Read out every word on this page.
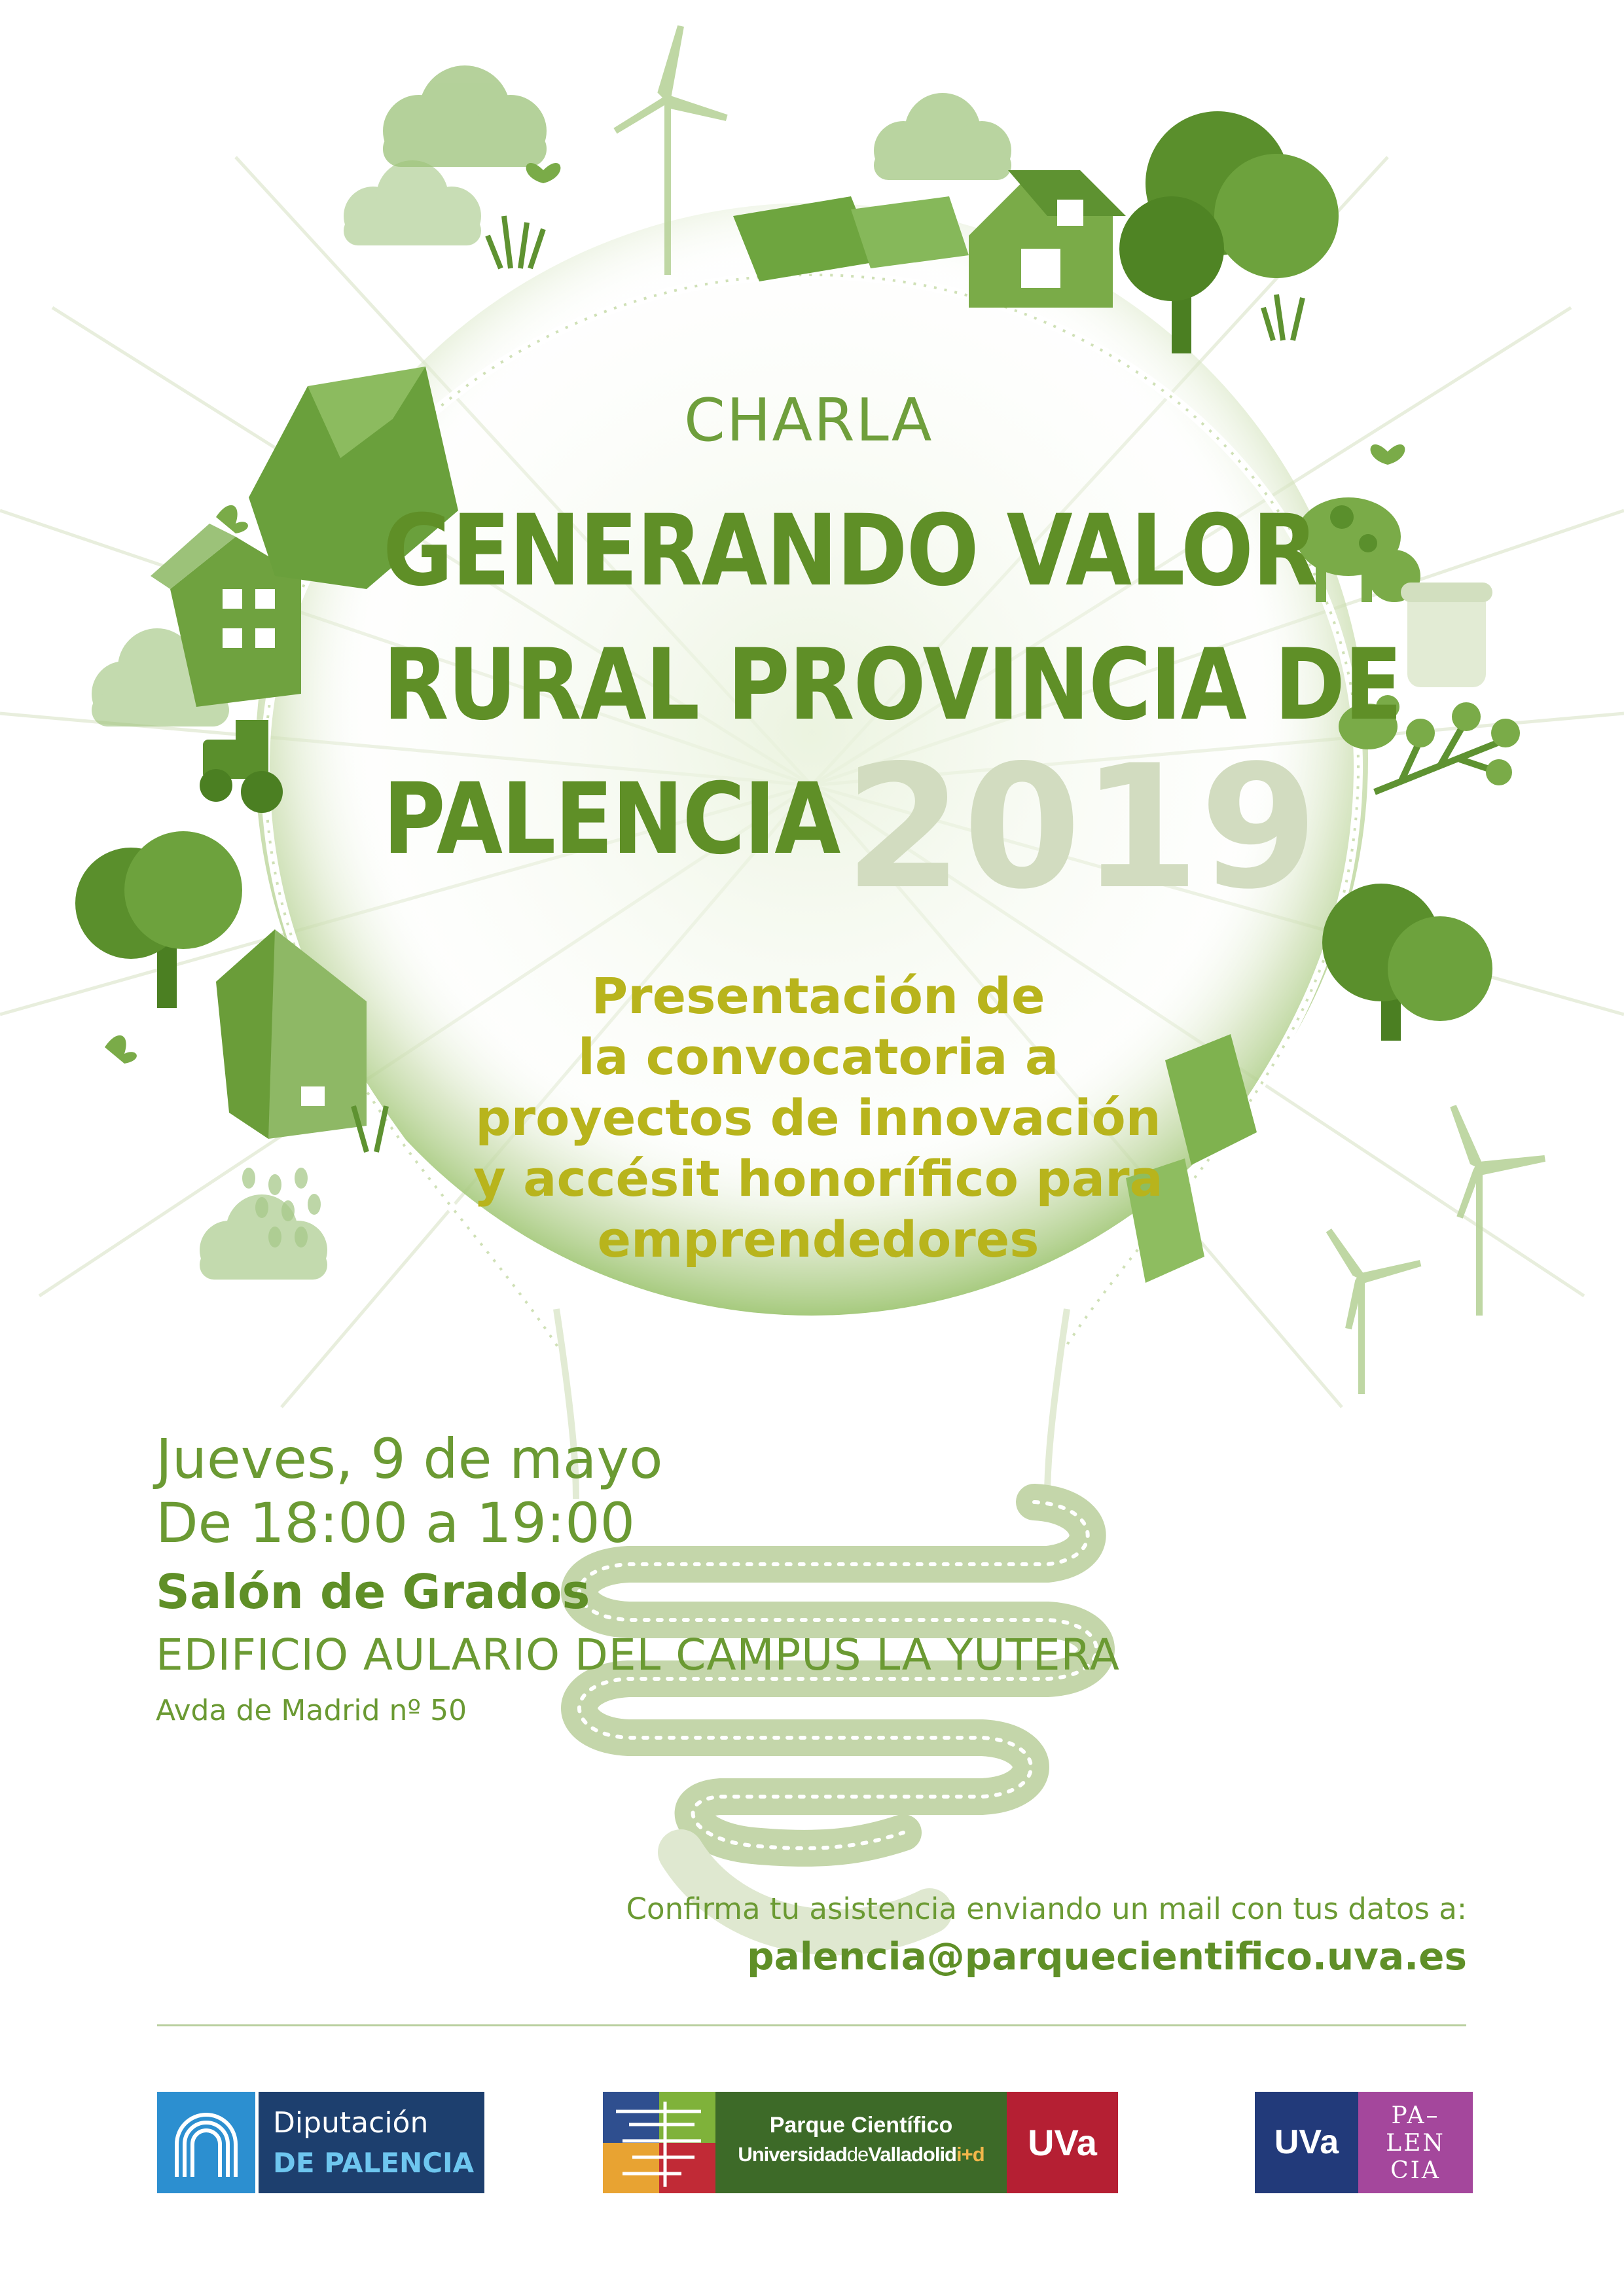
CHARLA
GENERANDO VALOR
RURAL PROVINCIA DE
PALENCIA 2019
Presentación de
la convocatoria a
proyectos de innovación
y accésit honorífico para
emprendedores
Jueves, 9 de mayo
De 18:00 a 19:00
Salón de Grados
EDIFICIO AULARIO DEL CAMPUS LA YUTERA
Avda de Madrid nº 50
Confirma tu asistencia enviando un mail con tus datos a:
palencia@parquecientifico.uva.es
Diputación
DE PALENCIA
Parque Científico
UniversidaddeValladolidi+d	UVa	UVa
PA–
LEN
CIA
